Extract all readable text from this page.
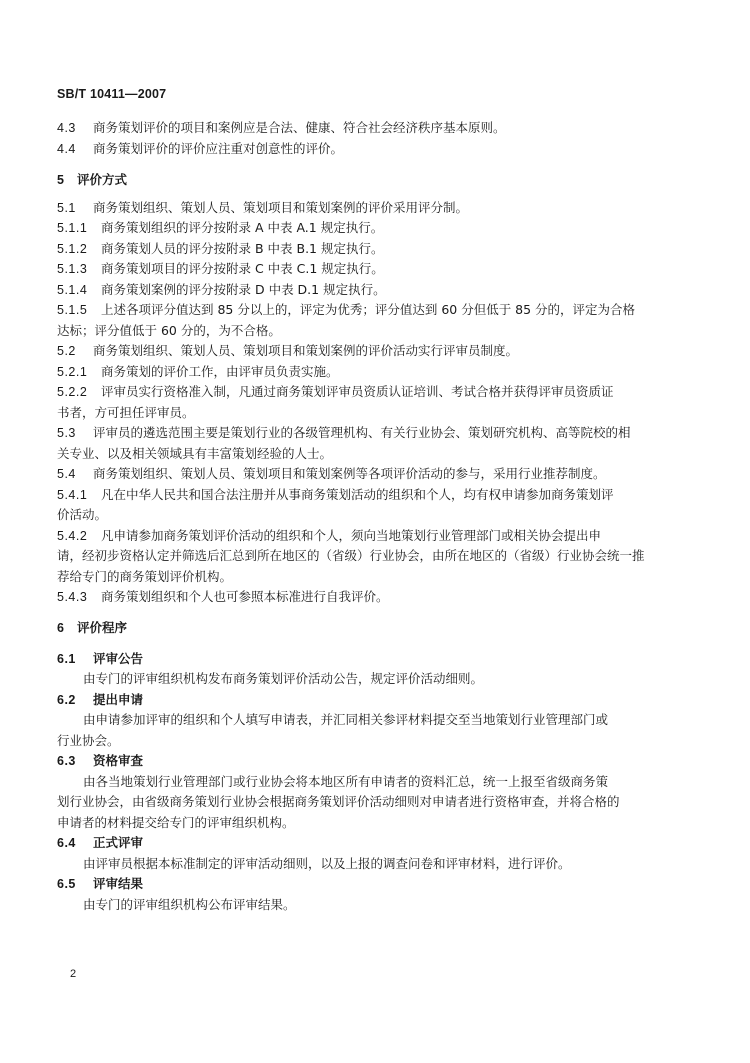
SB/T 10411—2007
4.3 商务策划评价的项目和案例应是合法、健康、符合社会经济秩序基本原则。
4.4 商务策划评价的评价应注重对创意性的评价。
5 评价方式
5.1 商务策划组织、策划人员、策划项目和策划案例的评价采用评分制。
5.1.1 商务策划组织的评分按附录 A 中表 A.1 规定执行。
5.1.2 商务策划人员的评分按附录 B 中表 B.1 规定执行。
5.1.3 商务策划项目的评分按附录 C 中表 C.1 规定执行。
5.1.4 商务策划案例的评分按附录 D 中表 D.1 规定执行。
5.1.5 上述各项评分值达到 85 分以上的，评定为优秀；评分值达到 60 分但低于 85 分的，评定为合格
达标；评分值低于 60 分的，为不合格。
5.2 商务策划组织、策划人员、策划项目和策划案例的评价活动实行评审员制度。
5.2.1 商务策划的评价工作，由评审员负责实施。
5.2.2 评审员实行资格准入制，凡通过商务策划评审员资质认证培训、考试合格并获得评审员资质证
书者，方可担任评审员。
5.3 评审员的遴选范围主要是策划行业的各级管理机构、有关行业协会、策划研究机构、高等院校的相
关专业、以及相关领域具有丰富策划经验的人士。
5.4 商务策划组织、策划人员、策划项目和策划案例等各项评价活动的参与，采用行业推荐制度。
5.4.1 凡在中华人民共和国合法注册并从事商务策划活动的组织和个人，均有权申请参加商务策划评
价活动。
5.4.2 凡申请参加商务策划评价活动的组织和个人，须向当地策划行业管理部门或相关协会提出申
请，经初步资格认定并筛选后汇总到所在地区的（省级）行业协会，由所在地区的（省级）行业协会统一推
荐给专门的商务策划评价机构。
5.4.3 商务策划组织和个人也可参照本标准进行自我评价。
6 评价程序
6.1 评审公告
由专门的评审组织机构发布商务策划评价活动公告，规定评价活动细则。
6.2 提出申请
由申请参加评审的组织和个人填写申请表，并汇同相关参评材料提交至当地策划行业管理部门或
行业协会。
6.3 资格审查
由各当地策划行业管理部门或行业协会将本地区所有申请者的资料汇总，统一上报至省级商务策
划行业协会，由省级商务策划行业协会根据商务策划评价活动细则对申请者进行资格审查，并将合格的
申请者的材料提交给专门的评审组织机构。
6.4 正式评审
由评审员根据本标准制定的评审活动细则，以及上报的调查问卷和评审材料，进行评价。
6.5 评审结果
由专门的评审组织机构公布评审结果。
2
